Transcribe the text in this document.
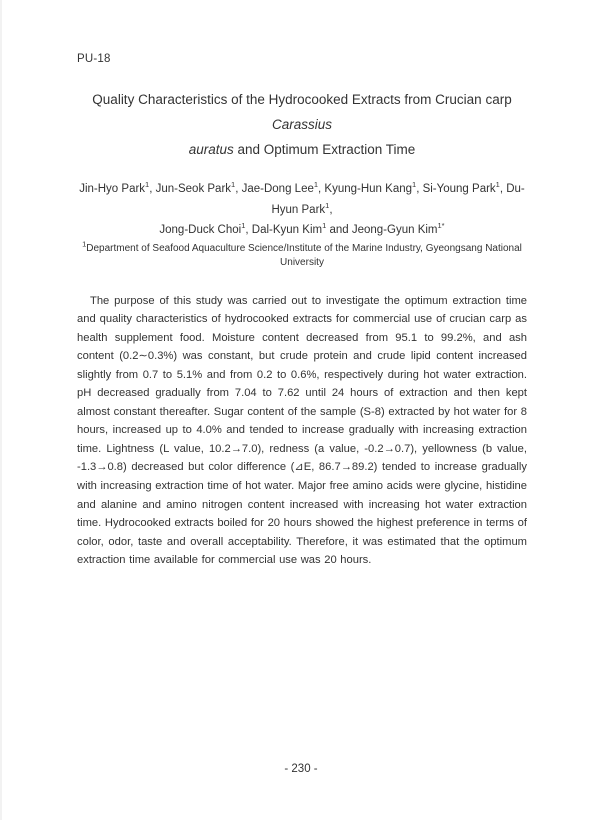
PU-18
Quality Characteristics of the Hydrocooked Extracts from Crucian carp Carassius
auratus and Optimum Extraction Time
Jin-Hyo Park$^1$, Jun-Seok Park$^1$, Jae-Dong Lee$^1$, Kyung-Hun Kang$^1$, Si-Young Park$^1$, Du-Hyun Park$^1$,
Jong-Duck Choi$^1$, Dal-Kyun Kim$^1$ and Jeong-Gyun Kim$^{1*}$
$^1$Department of Seafood Aquaculture Science/Institute of the Marine Industry, Gyeongsang National University

The purpose of this study was carried out to investigate the optimum extraction time and quality characteristics of hydrocooked extracts for commercial use of crucian carp as health supplement food. Moisture content decreased from 95.1 to 99.2%, and ash content (0.2∼0.3%) was constant, but crude protein and crude lipid content increased slightly from 0.7 to 5.1% and from 0.2 to 0.6%, respectively during hot water extraction. pH decreased gradually from 7.04 to 7.62 until 24 hours of extraction and then kept almost constant thereafter. Sugar content of the sample (S-8) extracted by hot water for 8 hours, increased up to 4.0% and tended to increase gradually with increasing extraction time. Lightness (L value, 10.2→7.0), redness (a value, -0.2→0.7), yellowness (b value, -1.3→0.8) decreased but color difference (⊿E, 86.7→89.2) tended to increase gradually with increasing extraction time of hot water. Major free amino acids were glycine, histidine and alanine and amino nitrogen content increased with increasing hot water extraction time. Hydrocooked extracts boiled for 20 hours showed the highest preference in terms of color, odor, taste and overall acceptability. Therefore, it was estimated that the optimum extraction time available for commercial use was 20 hours.

- 230 -
